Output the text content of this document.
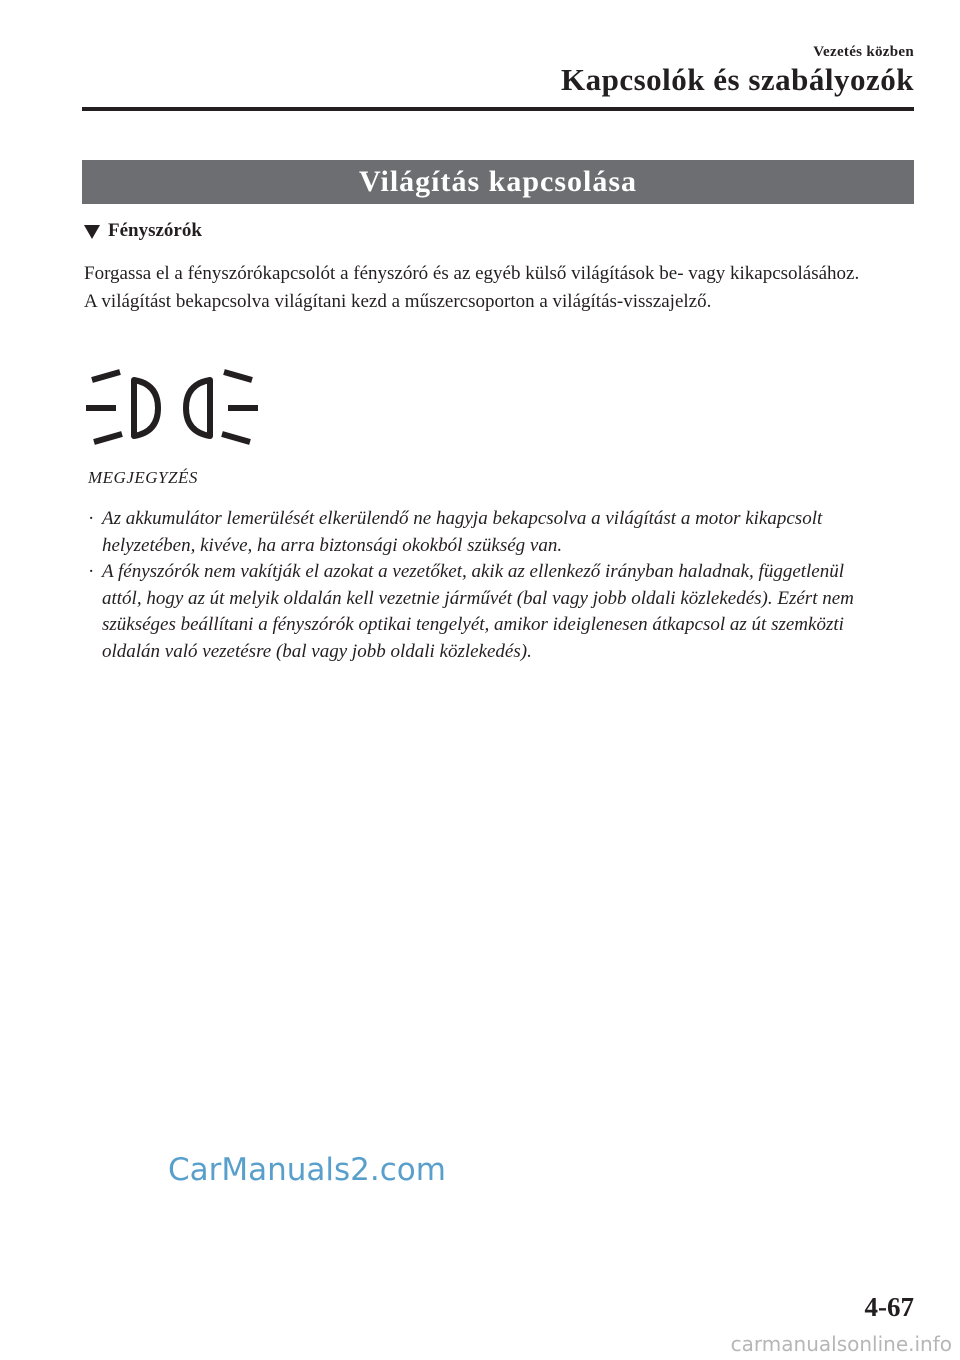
Vezetés közben
Kapcsolók és szabályozók
Világítás kapcsolása
Fényszórók

Forgassa el a fényszórókapcsolót a fényszóró és az egyéb külső világítások be- vagy kikapcsolásához.

A világítást bekapcsolva világítani kezd a műszercsoporton a világítás-visszajelző.

MEGJEGYZÉS
· Az akkumulátor lemerülését elkerülendő ne hagyja bekapcsolva a világítást a motor kikapcsolt helyzetében, kivéve, ha arra biztonsági okokból szükség van.
· A fényszórók nem vakítják el azokat a vezetőket, akik az ellenkező irányban haladnak, függetlenül attól, hogy az út melyik oldalán kell vezetnie járművét (bal vagy jobb oldali közlekedés). Ezért nem szükséges beállítani a fényszórók optikai tengelyét, amikor ideiglenesen átkapcsol az út szemközti oldalán való vezetésre (bal vagy jobb oldali közlekedés).
CarManuals2.com
4-67
carmanualsonline.info
